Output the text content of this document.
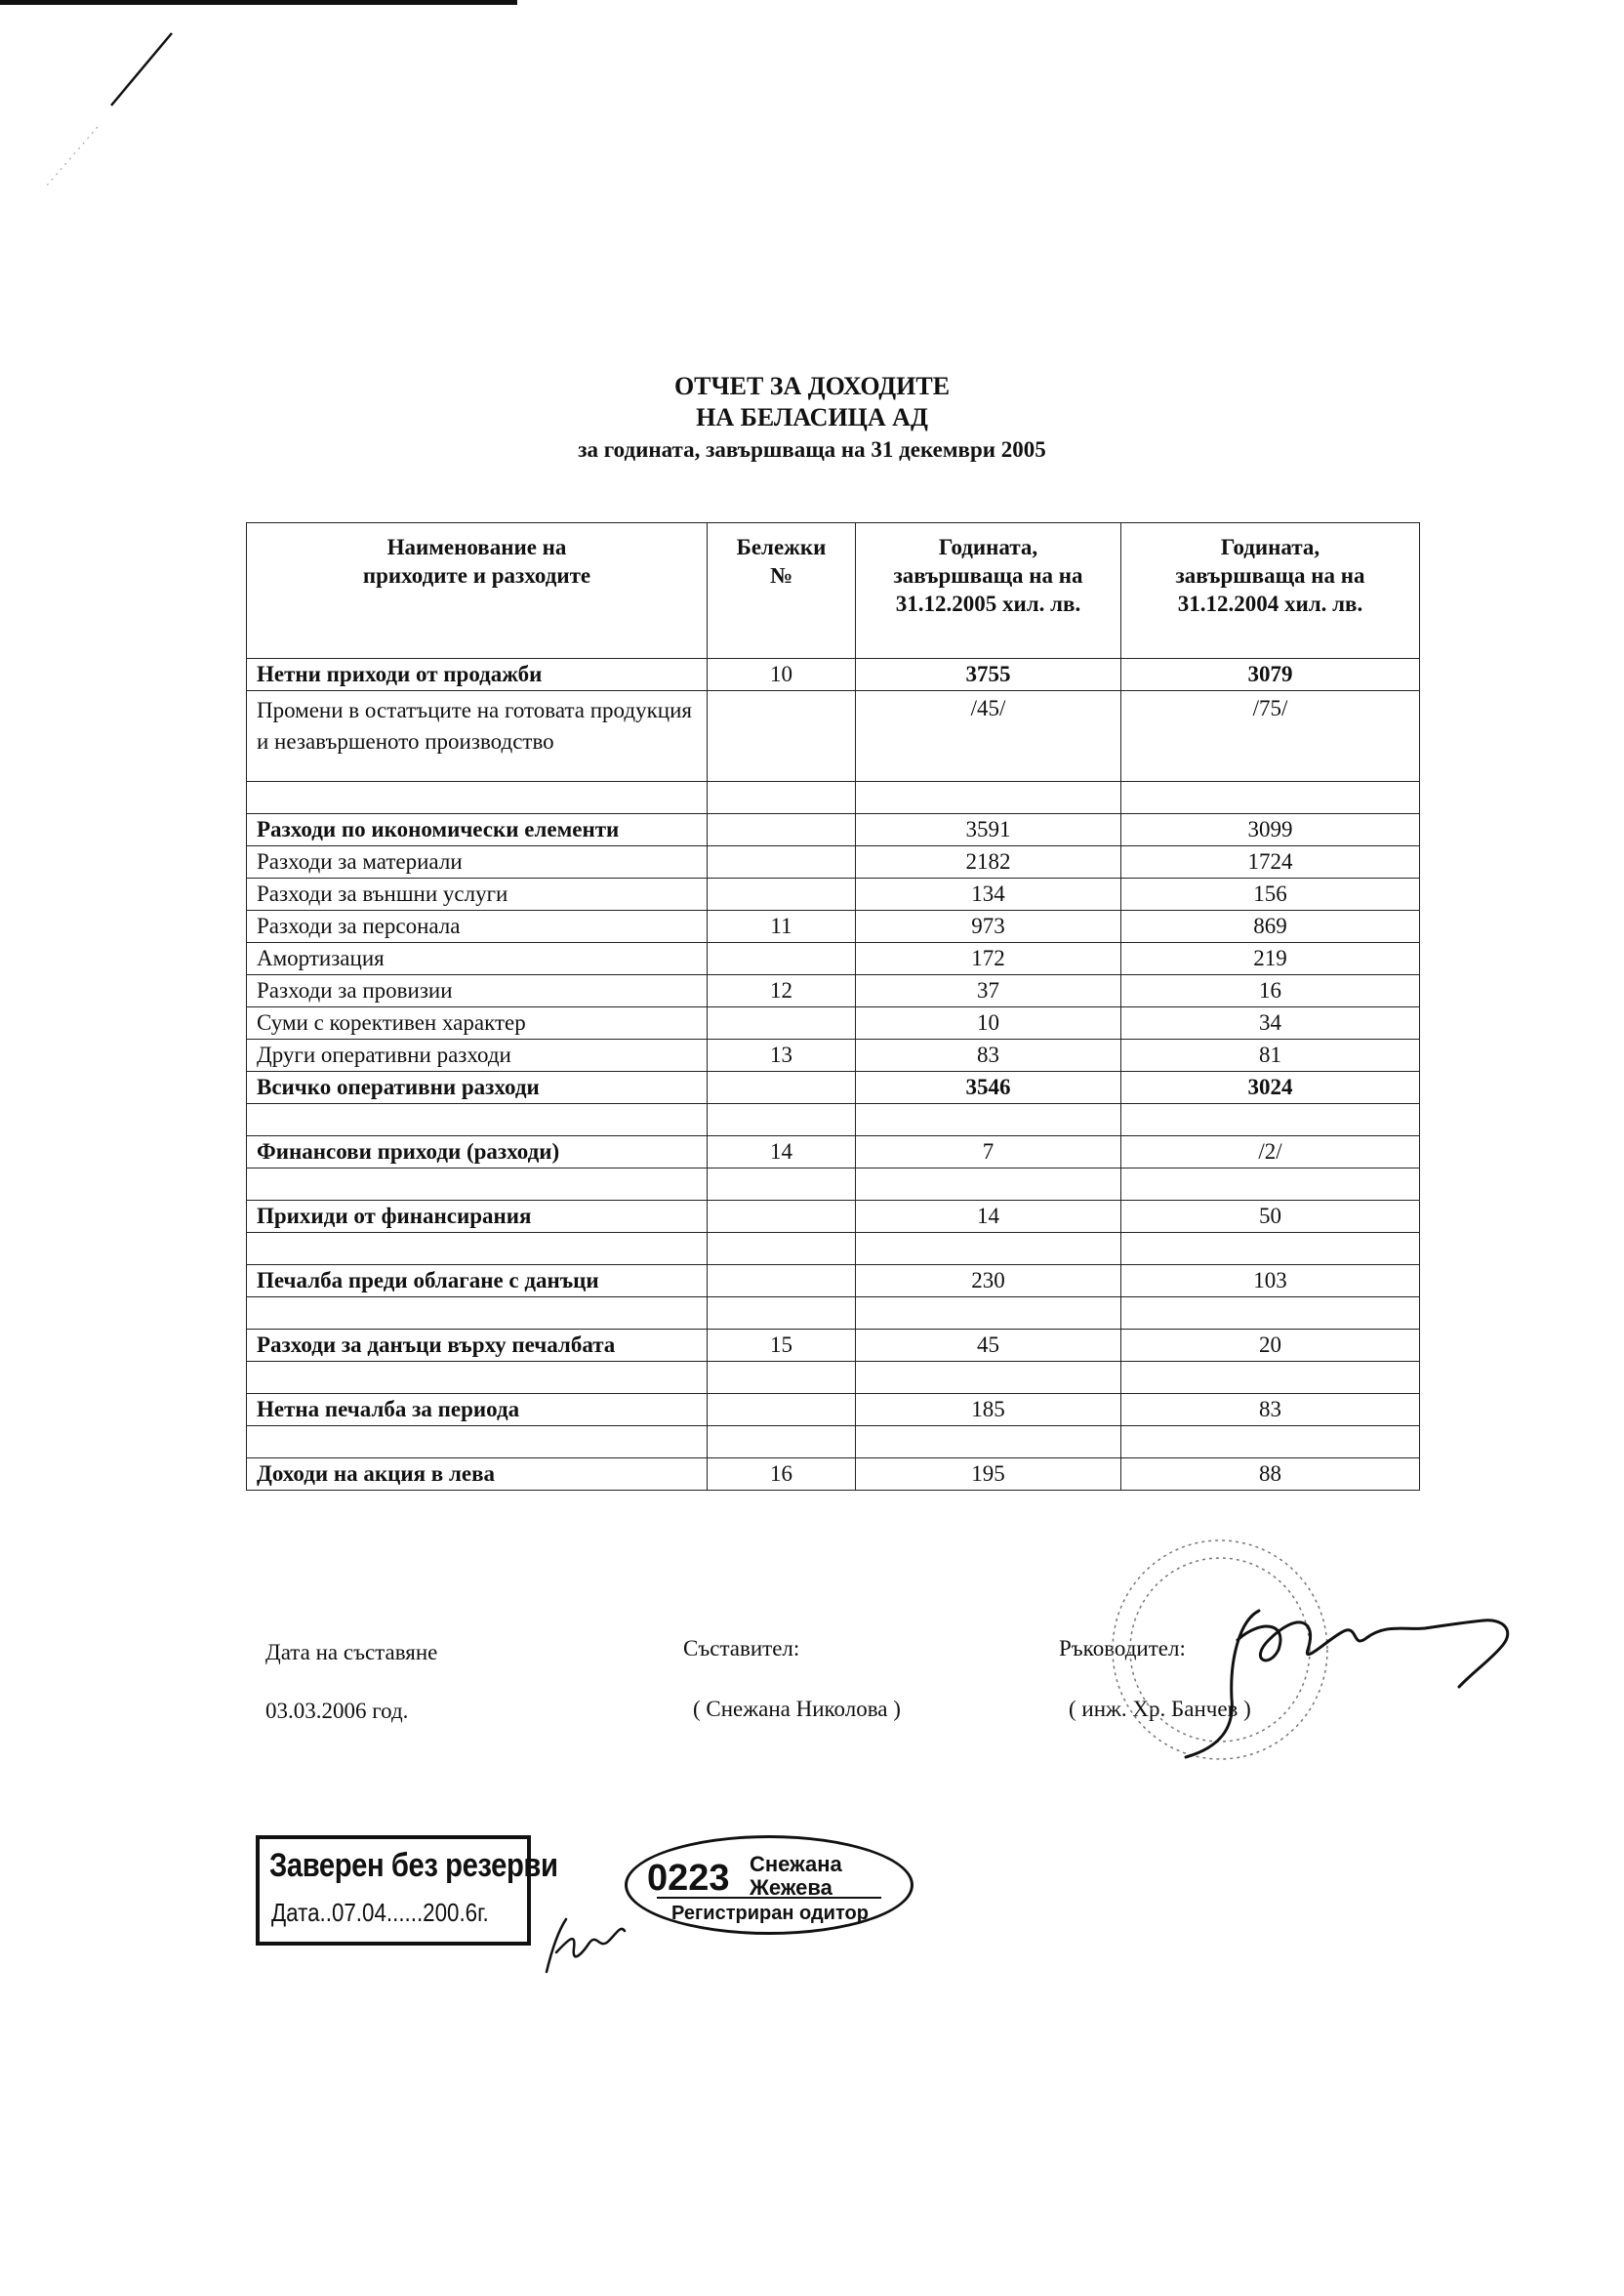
ОТЧЕТ ЗА ДОХОДИТЕ
НА БЕЛАСИЦА АД
за годината, завършваща на 31 декември 2005
Наименование на приходите и разходите	Бележки №	Годината, завършваща на на 31.12.2005 хил. лв.	Годината, завършваща на на 31.12.2004 хил. лв.

Нетни приходи от продажби	10	3755	3079
Промени в остатъците на готовата продукция и незавършеното производство		/45/	/75/

Разходи по икономически елементи		3591	3099
Разходи за материали		2182	1724
Разходи за външни услуги		134	156
Разходи за персонала	11	973	869
Амортизация		172	219
Разходи за провизии	12	37	16
Суми с корективен характер		10	34
Други оперативни разходи	13	83	81
Всичко оперативни разходи		3546	3024

Финансови приходи (разходи)	14	7	/2/

Прихиди от финансирания		14	50

Печалба преди облагане с данъци		230	103

Разходи за данъци върху печалбата	15	45	20

Нетна печалба за периода		185	83

Доходи на акция в лева	16	195	88
Дата на съставяне
03.03.2006 год.
Съставител:
( Снежана Николова )
Ръководител:
( инж. Хр. Банчев )
Заверен без резерви
Дата..07.04......200.6г.
0223 Снежана
Жежева
Регистриран одитор
